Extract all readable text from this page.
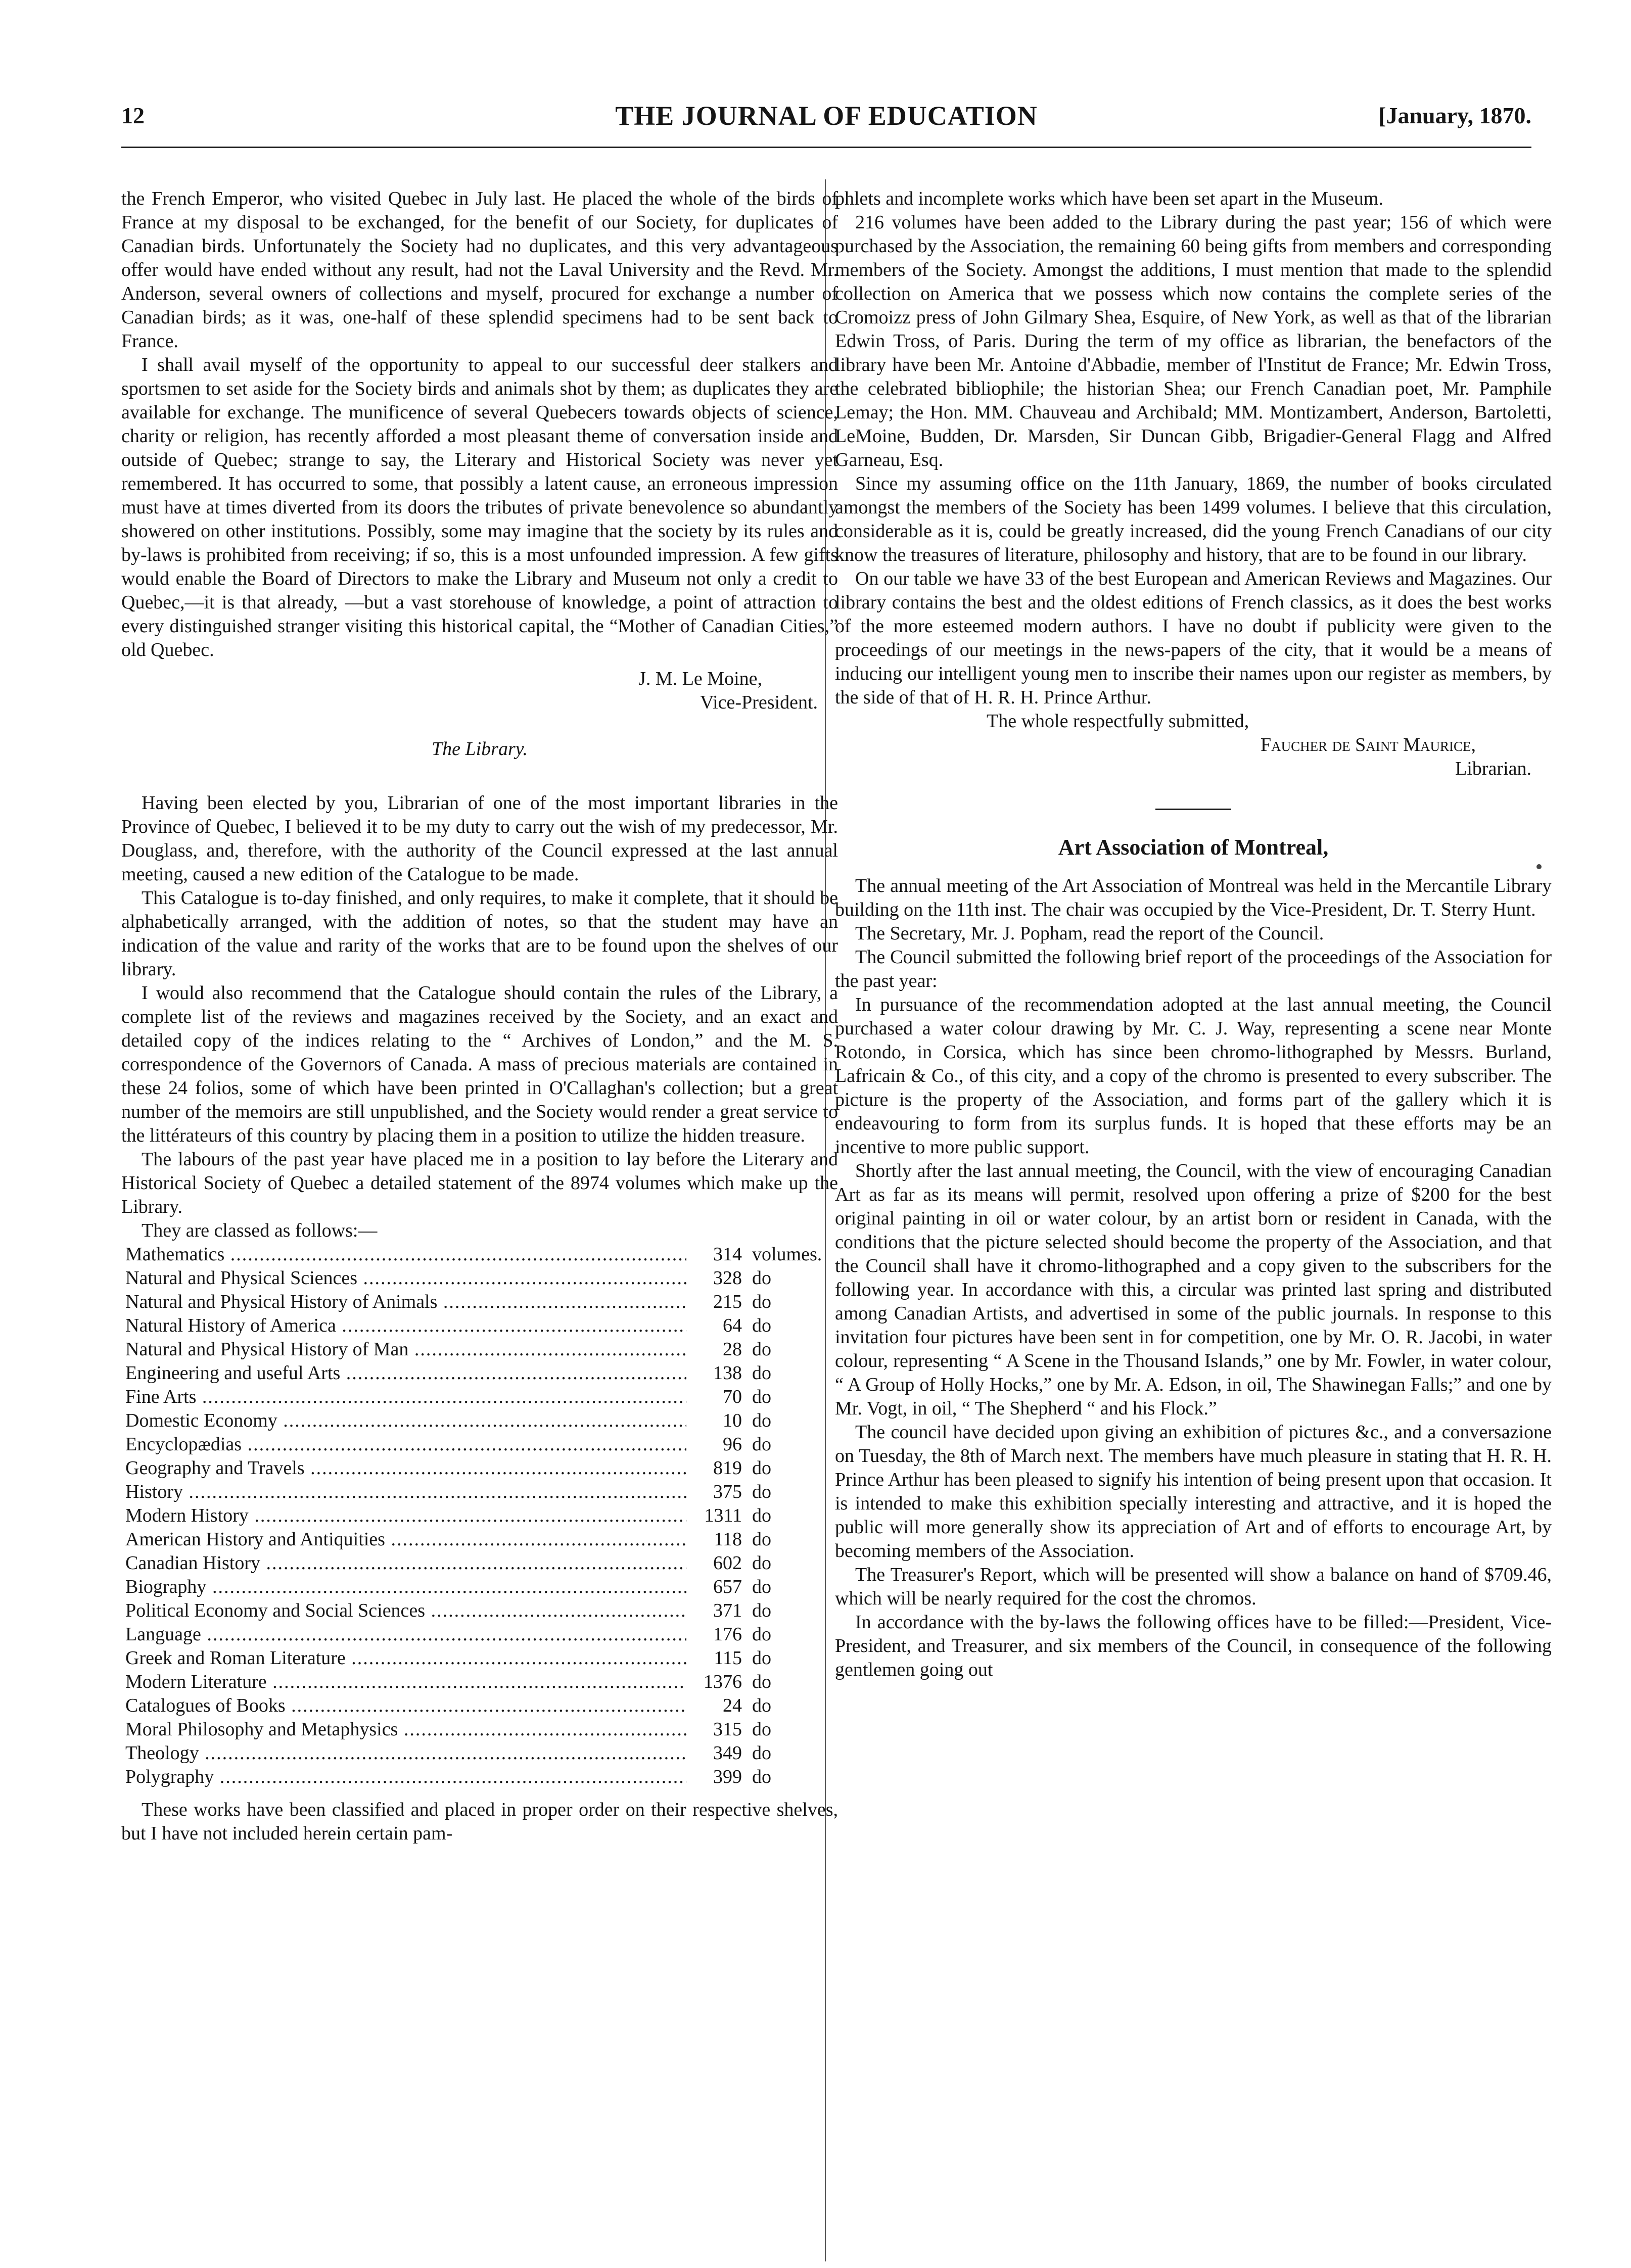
12	THE JOURNAL OF EDUCATION	[January, 1870.

the French Emperor, who visited Quebec in July last. He placed the whole of the birds of France at my disposal to be exchanged, for the benefit of our Society, for duplicates of Canadian birds. Unfortunately the Society had no duplicates, and this very advantageous offer would have ended without any result, had not the Laval University and the Revd. Mr. Anderson, several owners of collections and myself, procured for exchange a number of Canadian birds; as it was, one-half of these splendid specimens had to be sent back to France.

I shall avail myself of the opportunity to appeal to our successful deer stalkers and sportsmen to set aside for the Society birds and animals shot by them; as duplicates they are available for exchange. The munificence of several Quebecers towards objects of science, charity or religion, has recently afforded a most pleasant theme of conversation inside and outside of Quebec; strange to say, the Literary and Historical Society was never yet remembered. It has occurred to some, that possibly a latent cause, an erroneous impression must have at times diverted from its doors the tributes of private benevolence so abundantly showered on other institutions. Possibly, some may imagine that the society by its rules and by-laws is prohibited from receiving; if so, this is a most unfounded impression. A few gifts would enable the Board of Directors to make the Library and Museum not only a credit to Quebec,—it is that already, —but a vast storehouse of knowledge, a point of attraction to every distinguished stranger visiting this historical capital, the “Mother of Canadian Cities,” old Quebec.

J. M. Le Moine,
Vice-President.
The Library.

Having been elected by you, Librarian of one of the most important libraries in the Province of Quebec, I believed it to be my duty to carry out the wish of my predecessor, Mr. Douglass, and, therefore, with the authority of the Council expressed at the last annual meeting, caused a new edition of the Catalogue to be made.

This Catalogue is to-day finished, and only requires, to make it complete, that it should be alphabetically arranged, with the addition of notes, so that the student may have an indication of the value and rarity of the works that are to be found upon the shelves of our library.

I would also recommend that the Catalogue should contain the rules of the Library, a complete list of the reviews and magazines received by the Society, and an exact and detailed copy of the indices relating to the “ Archives of London,” and the M. S. correspondence of the Governors of Canada. A mass of precious materials are contained in these 24 folios, some of which have been printed in O'Callaghan's collection; but a great number of the memoirs are still unpublished, and the Society would render a great service to the littérateurs of this country by placing them in a position to utilize the hidden treasure.

The labours of the past year have placed me in a position to lay before the Literary and Historical Society of Quebec a detailed statement of the 8974 volumes which make up the Library.

They are classed as follows:—

Mathematics .....	314 volumes.
Natural and Physical Sciences .....	328 do
Natural and Physical History of Animals .....	215 do
Natural History of America .....	64 do
Natural and Physical History of Man .....	28 do
Engineering and useful Arts .....	138 do
Fine Arts .....	70 do
Domestic Economy .....	10 do
Encyclopædias .....	96 do
Geography and Travels .....	819 do
History .....	375 do
Modern History .....	1311 do
American History and Antiquities .....	118 do
Canadian History .....	602 do
Biography .....	657 do
Political Economy and Social Sciences .....	371 do
Language .....	176 do
Greek and Roman Literature .....	115 do
Modern Literature .....	1376 do
Catalogues of Books .....	24 do
Moral Philosophy and Metaphysics .....	315 do
Theology .....	349 do
Polygraphy .....	399 do

These works have been classified and placed in proper order on their respective shelves, but I have not included herein certain pam-

phlets and incomplete works which have been set apart in the Museum.

216 volumes have been added to the Library during the past year; 156 of which were purchased by the Association, the remaining 60 being gifts from members and corresponding members of the Society. Amongst the additions, I must mention that made to the splendid collection on America that we possess which now contains the complete series of the Cromoizz press of John Gilmary Shea, Esquire, of New York, as well as that of the librarian Edwin Tross, of Paris. During the term of my office as librarian, the benefactors of the library have been Mr. Antoine d'Abbadie, member of l'Institut de France; Mr. Edwin Tross, the celebrated bibliophile; the historian Shea; our French Canadian poet, Mr. Pamphile Lemay; the Hon. MM. Chauveau and Archibald; MM. Montizambert, Anderson, Bartoletti, LeMoine, Budden, Dr. Marsden, Sir Duncan Gibb, Brigadier-General Flagg and Alfred Garneau, Esq.

Since my assuming office on the 11th January, 1869, the number of books circulated amongst the members of the Society has been 1499 volumes. I believe that this circulation, considerable as it is, could be greatly increased, did the young French Canadians of our city know the treasures of literature, philosophy and history, that are to be found in our library.

On our table we have 33 of the best European and American Reviews and Magazines. Our library contains the best and the oldest editions of French classics, as it does the best works of the more esteemed modern authors. I have no doubt if publicity were given to the proceedings of our meetings in the news-papers of the city, that it would be a means of inducing our intelligent young men to inscribe their names upon our register as members, by the side of that of H. R. H. Prince Arthur.

The whole respectfully submitted,

Faucher de Saint Maurice,
Librarian.
Art Association of Montreal,

The annual meeting of the Art Association of Montreal was held in the Mercantile Library building on the 11th inst. The chair was occupied by the Vice-President, Dr. T. Sterry Hunt.

The Secretary, Mr. J. Popham, read the report of the Council.

The Council submitted the following brief report of the proceedings of the Association for the past year:

In pursuance of the recommendation adopted at the last annual meeting, the Council purchased a water colour drawing by Mr. C. J. Way, representing a scene near Monte Rotondo, in Corsica, which has since been chromo-lithographed by Messrs. Burland, Lafricain & Co., of this city, and a copy of the chromo is presented to every subscriber. The picture is the property of the Association, and forms part of the gallery which it is endeavouring to form from its surplus funds. It is hoped that these efforts may be an incentive to more public support.

Shortly after the last annual meeting, the Council, with the view of encouraging Canadian Art as far as its means will permit, resolved upon offering a prize of $200 for the best original painting in oil or water colour, by an artist born or resident in Canada, with the conditions that the picture selected should become the property of the Association, and that the Council shall have it chromo-lithographed and a copy given to the subscribers for the following year. In accordance with this, a circular was printed last spring and distributed among Canadian Artists, and advertised in some of the public journals. In response to this invitation four pictures have been sent in for competition, one by Mr. O. R. Jacobi, in water colour, representing “ A Scene in the Thousand Islands,” one by Mr. Fowler, in water colour, “ A Group of Holly Hocks,” one by Mr. A. Edson, in oil, The Shawinegan Falls;” and one by Mr. Vogt, in oil, “ The Shepherd “ and his Flock.”

The council have decided upon giving an exhibition of pictures &c., and a conversazione on Tuesday, the 8th of March next. The members have much pleasure in stating that H. R. H. Prince Arthur has been pleased to signify his intention of being present upon that occasion. It is intended to make this exhibition specially interesting and attractive, and it is hoped the public will more generally show its appreciation of Art and of efforts to encourage Art, by becoming members of the Association.

The Treasurer's Report, which will be presented will show a balance on hand of $709.46, which will be nearly required for the cost the chromos.

In accordance with the by-laws the following offices have to be filled:—President, Vice-President, and Treasurer, and six members of the Council, in consequence of the following gentlemen going out
